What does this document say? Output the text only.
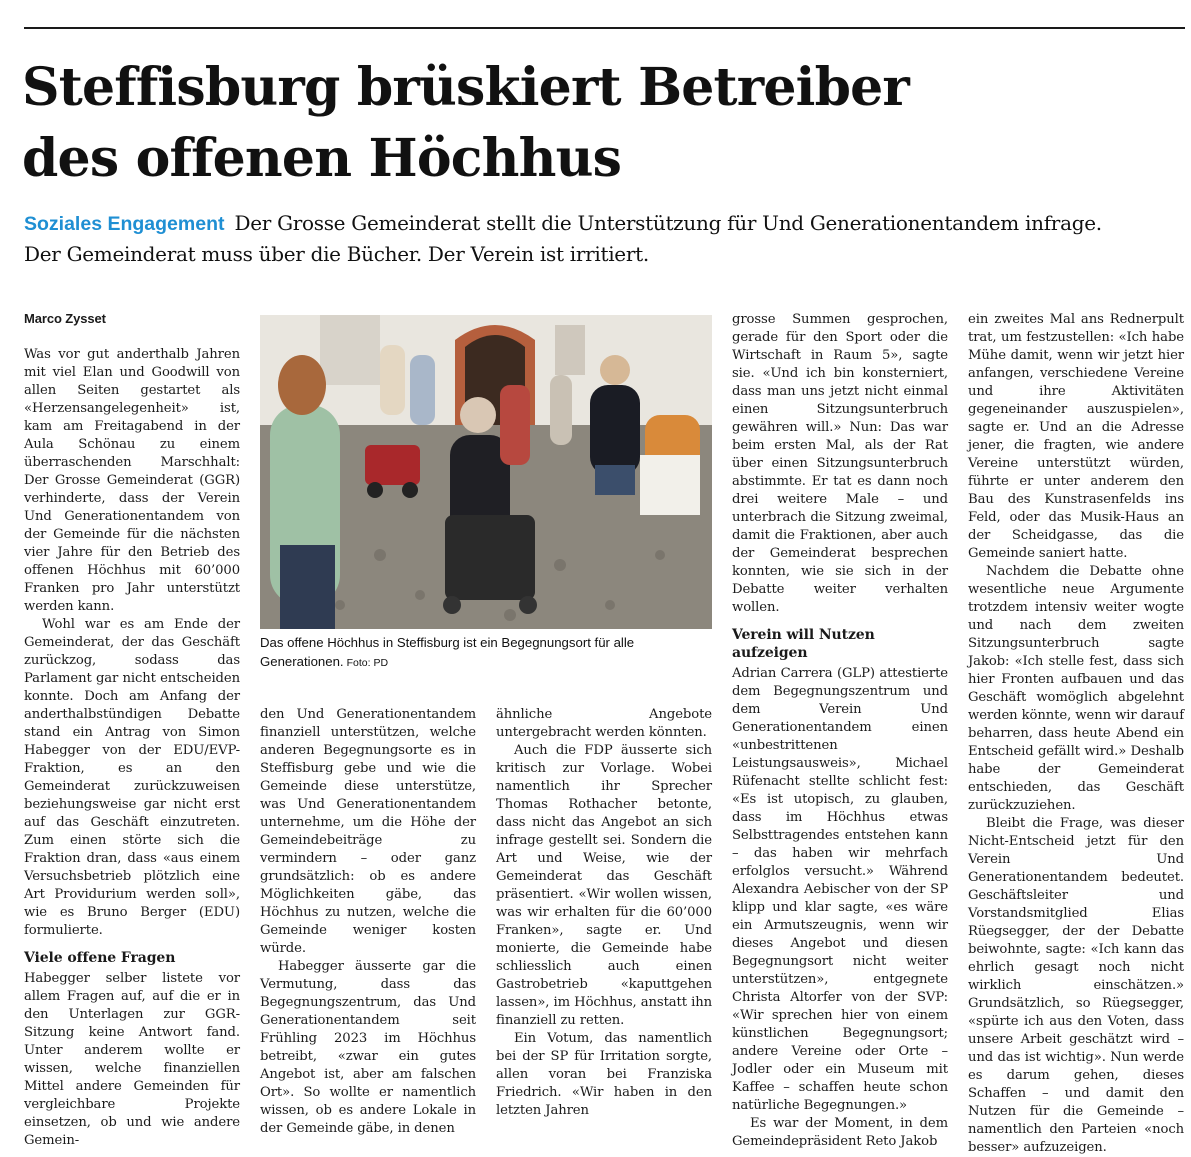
Steffisburg brüskiert Betreiber
des offenen Höchhus
Soziales Engagement Der Grosse Gemeinderat stellt die Unterstützung für Und Generationentandem infrage.
Der Gemeinderat muss über die Bücher. Der Verein ist irritiert.

Marco Zysset

Was vor gut anderthalb Jahren mit viel Elan und Goodwill von allen Seiten gestartet als «Herzensangelegenheit» ist, kam am Freitagabend in der Aula Schönau zu einem überraschenden Marschhalt: Der Grosse Gemeinderat (GGR) verhinderte, dass der Verein Und Generationentandem von der Gemeinde für die nächsten vier Jahre für den Betrieb des offenen Höchhus mit 60’000 Franken pro Jahr unterstützt werden kann.

Wohl war es am Ende der Gemeinderat, der das Geschäft zurückzog, sodass das Parlament gar nicht entscheiden konnte. Doch am Anfang der anderthalbstündigen Debatte stand ein Antrag von Simon Habegger von der EDU/EVP-Fraktion, es an den Gemeinderat zurückzuweisen beziehungsweise gar nicht erst auf das Geschäft einzutreten. Zum einen störte sich die Fraktion dran, dass «aus einem Versuchsbetrieb plötzlich eine Art Providurium werden soll», wie es Bruno Berger (EDU) formulierte.

Viele offene Fragen

Habegger selber listete vor allem Fragen auf, auf die er in den Unterlagen zur GGR-Sitzung keine Antwort fand. Unter anderem wollte er wissen, welche finanziellen Mittel andere Gemeinden für vergleichbare Projekte einsetzen, ob und wie andere Gemein-

Das offene Höchhus in Steffisburg ist ein Begegnungsort für alle Generationen. Foto: PD

den Und Generationentandem finanziell unterstützen, welche anderen Begegnungsorte es in Steffisburg gebe und wie die Gemeinde diese unterstütze, was Und Generationentandem unternehme, um die Höhe der Gemeindebeiträge zu vermindern – oder ganz grundsätzlich: ob es andere Möglichkeiten gäbe, das Höchhus zu nutzen, welche die Gemeinde weniger kosten würde.

Habegger äusserte gar die Vermutung, dass das Begegnungszentrum, das Und Generationentandem seit Frühling 2023 im Höchhus betreibt, «zwar ein gutes Angebot ist, aber am falschen Ort». So wollte er namentlich wissen, ob es andere Lokale in der Gemeinde gäbe, in denen

ähnliche Angebote untergebracht werden könnten.

Auch die FDP äusserte sich kritisch zur Vorlage. Wobei namentlich ihr Sprecher Thomas Rothacher betonte, dass nicht das Angebot an sich infrage gestellt sei. Sondern die Art und Weise, wie der Gemeinderat das Geschäft präsentiert. «Wir wollen wissen, was wir erhalten für die 60’000 Franken», sagte er. Und monierte, die Gemeinde habe schliesslich auch einen Gastrobetrieb «kaputtgehen lassen», im Höchhus, anstatt ihn finanziell zu retten.

Ein Votum, das namentlich bei der SP für Irritation sorgte, allen voran bei Franziska Friedrich. «Wir haben in den letzten Jahren

grosse Summen gesprochen, gerade für den Sport oder die Wirtschaft in Raum 5», sagte sie. «Und ich bin konsterniert, dass man uns jetzt nicht einmal einen Sitzungsunterbruch gewähren will.» Nun: Das war beim ersten Mal, als der Rat über einen Sitzungsunterbruch abstimmte. Er tat es dann noch drei weitere Male – und unterbrach die Sitzung zweimal, damit die Fraktionen, aber auch der Gemeinderat besprechen konnten, wie sie sich in der Debatte weiter verhalten wollen.

Verein will Nutzen aufzeigen

Adrian Carrera (GLP) attestierte dem Begegnungszentrum und dem Verein Und Generationentandem einen «unbestrittenen Leistungsausweis», Michael Rüfenacht stellte schlicht fest: «Es ist utopisch, zu glauben, dass im Höchhus etwas Selbsttragendes entstehen kann – das haben wir mehrfach erfolglos versucht.» Während Alexandra Aebischer von der SP klipp und klar sagte, «es wäre ein Armutszeugnis, wenn wir dieses Angebot und diesen Begegnungsort nicht weiter unterstützen», entgegnete Christa Altorfer von der SVP: «Wir sprechen hier von einem künstlichen Begegnungsort; andere Vereine oder Orte – Jodler oder ein Museum mit Kaffee – schaffen heute schon natürliche Begegnungen.»

Es war der Moment, in dem Gemeindepräsident Reto Jakob

ein zweites Mal ans Rednerpult trat, um festzustellen: «Ich habe Mühe damit, wenn wir jetzt hier anfangen, verschiedene Vereine und ihre Aktivitäten gegeneinander auszuspielen», sagte er. Und an die Adresse jener, die fragten, wie andere Vereine unterstützt würden, führte er unter anderem den Bau des Kunstrasenfelds ins Feld, oder das Musik-Haus an der Scheidgasse, das die Gemeinde saniert hatte.

Nachdem die Debatte ohne wesentliche neue Argumente trotzdem intensiv weiter wogte und nach dem zweiten Sitzungsunterbruch sagte Jakob: «Ich stelle fest, dass sich hier Fronten aufbauen und das Geschäft womöglich abgelehnt werden könnte, wenn wir darauf beharren, dass heute Abend ein Entscheid gefällt wird.» Deshalb habe der Gemeinderat entschieden, das Geschäft zurückzuziehen.

Bleibt die Frage, was dieser Nicht-Entscheid jetzt für den Verein Und Generationentandem bedeutet. Geschäftsleiter und Vorstandsmitglied Elias Rüegsegger, der der Debatte beiwohnte, sagte: «Ich kann das ehrlich gesagt noch nicht wirklich einschätzen.» Grundsätzlich, so Rüegsegger, «spürte ich aus den Voten, dass unsere Arbeit geschätzt wird – und das ist wichtig». Nun werde es darum gehen, dieses Schaffen – und damit den Nutzen für die Gemeinde – namentlich den Parteien «noch besser» aufzuzeigen.
